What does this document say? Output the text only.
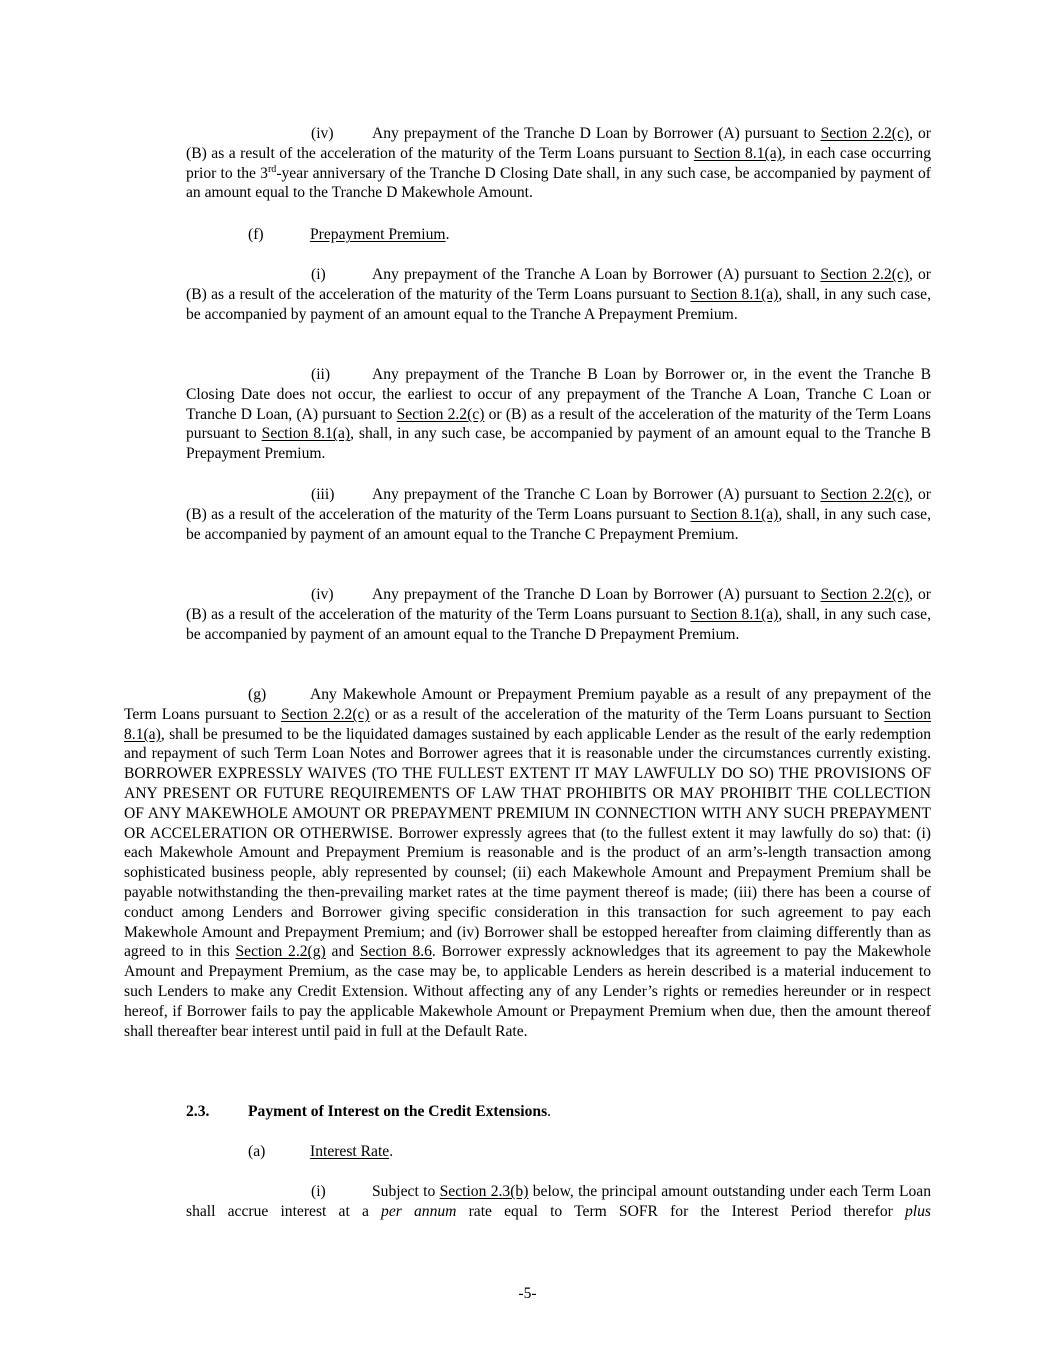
(iv) Any prepayment of the Tranche D Loan by Borrower (A) pursuant to Section 2.2(c), or (B) as a result of the acceleration of the maturity of the Term Loans pursuant to Section 8.1(a), in each case occurring prior to the 3rd-year anniversary of the Tranche D Closing Date shall, in any such case, be accompanied by payment of an amount equal to the Tranche D Makewhole Amount.

(f)	Prepayment Premium.

(i)	Any prepayment of the Tranche A Loan by Borrower (A) pursuant to Section 2.2(c), or (B) as a result of the acceleration of the maturity of the Term Loans pursuant to Section 8.1(a), shall, in any such case, be accompanied by payment of an amount equal to the Tranche A Prepayment Premium.

(ii)	Any prepayment of the Tranche B Loan by Borrower or, in the event the Tranche B Closing Date does not occur, the earliest to occur of any prepayment of the Tranche A Loan, Tranche C Loan or Tranche D Loan, (A) pursuant to Section 2.2(c) or (B) as a result of the acceleration of the maturity of the Term Loans pursuant to Section 8.1(a), shall, in any such case, be accompanied by payment of an amount equal to the Tranche B Prepayment Premium.

(iii) Any prepayment of the Tranche C Loan by Borrower (A) pursuant to Section 2.2(c), or (B) as a result of the acceleration of the maturity of the Term Loans pursuant to Section 8.1(a), shall, in any such case, be accompanied by payment of an amount equal to the Tranche C Prepayment Premium.

(iv) Any prepayment of the Tranche D Loan by Borrower (A) pursuant to Section 2.2(c), or (B) as a result of the acceleration of the maturity of the Term Loans pursuant to Section 8.1(a), shall, in any such case, be accompanied by payment of an amount equal to the Tranche D Prepayment Premium.

(g)	Any Makewhole Amount or Prepayment Premium payable as a result of any prepayment of the Term Loans pursuant to Section 2.2(c) or as a result of the acceleration of the maturity of the Term Loans pursuant to Section 8.1(a), shall be presumed to be the liquidated damages sustained by each applicable Lender as the result of the early redemption and repayment of such Term Loan Notes and Borrower agrees that it is reasonable under the circumstances currently existing. BORROWER EXPRESSLY WAIVES (TO THE FULLEST EXTENT IT MAY LAWFULLY DO SO) THE PROVISIONS OF ANY PRESENT OR FUTURE REQUIREMENTS OF LAW THAT PROHIBITS OR MAY PROHIBIT THE COLLECTION OF ANY MAKEWHOLE AMOUNT OR PREPAYMENT PREMIUM IN CONNECTION WITH ANY SUCH PREPAYMENT OR ACCELERATION OR OTHERWISE. Borrower expressly agrees that (to the fullest extent it may lawfully do so) that: (i) each Makewhole Amount and Prepayment Premium is reasonable and is the product of an arm’s-length transaction among sophisticated business people, ably represented by counsel; (ii) each Makewhole Amount and Prepayment Premium shall be payable notwithstanding the then-prevailing market rates at the time payment thereof is made; (iii) there has been a course of conduct among Lenders and Borrower giving specific consideration in this transaction for such agreement to pay each Makewhole Amount and Prepayment Premium; and (iv) Borrower shall be estopped hereafter from claiming differently than as agreed to in this Section 2.2(g) and Section 8.6. Borrower expressly acknowledges that its agreement to pay the Makewhole Amount and Prepayment Premium, as the case may be, to applicable Lenders as herein described is a material inducement to such Lenders to make any Credit Extension. Without affecting any of any Lender’s rights or remedies hereunder or in respect hereof, if Borrower fails to pay the applicable Makewhole Amount or Prepayment Premium when due, then the amount thereof shall thereafter bear interest until paid in full at the Default Rate.

2.3. Payment of Interest on the Credit Extensions.

(a)	Interest Rate.

(i)	Subject to Section 2.3(b) below, the principal amount outstanding under each Term Loan shall accrue interest at a per annum rate equal to Term SOFR for the Interest Period therefor plus

-5-
